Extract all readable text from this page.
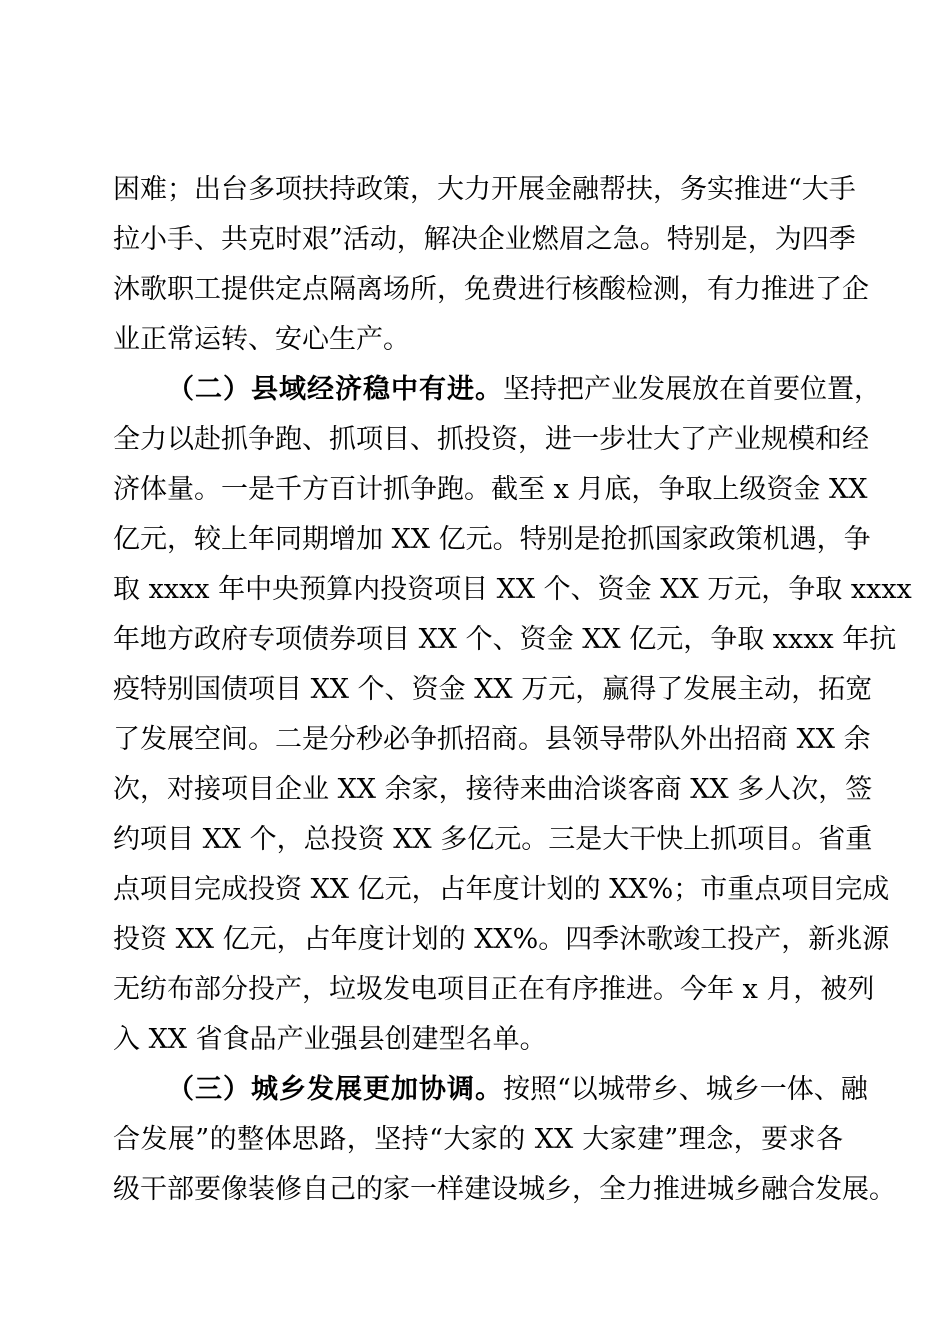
困难；出台多项扶持政策，大力开展金融帮扶，务实推进“大手
拉小手、共克时艰”活动，解决企业燃眉之急。特别是，为四季
沐歌职工提供定点隔离场所，免费进行核酸检测，有力推进了企
业正常运转、安心生产。
（二）县域经济稳中有进。坚持把产业发展放在首要位置，
全力以赴抓争跑、抓项目、抓投资，进一步壮大了产业规模和经
济体量。一是千方百计抓争跑。截至 x 月底，争取上级资金 XX
亿元，较上年同期增加 XX 亿元。特别是抢抓国家政策机遇，争
取 xxxx 年中央预算内投资项目 XX 个、资金 XX 万元，争取 xxxx
年地方政府专项债券项目 XX 个、资金 XX 亿元，争取 xxxx 年抗
疫特别国债项目 XX 个、资金 XX 万元，赢得了发展主动，拓宽
了发展空间。二是分秒必争抓招商。县领导带队外出招商 XX 余
次，对接项目企业 XX 余家，接待来曲洽谈客商 XX 多人次，签
约项目 XX 个，总投资 XX 多亿元。三是大干快上抓项目。省重
点项目完成投资 XX 亿元，占年度计划的 XX%；市重点项目完成
投资 XX 亿元，占年度计划的 XX%。四季沐歌竣工投产，新兆源
无纺布部分投产，垃圾发电项目正在有序推进。今年 x 月，被列
入 XX 省食品产业强县创建型名单。
（三）城乡发展更加协调。按照“以城带乡、城乡一体、融
合发展”的整体思路，坚持“大家的 XX 大家建”理念，要求各
级干部要像装修自己的家一样建设城乡，全力推进城乡融合发展。
